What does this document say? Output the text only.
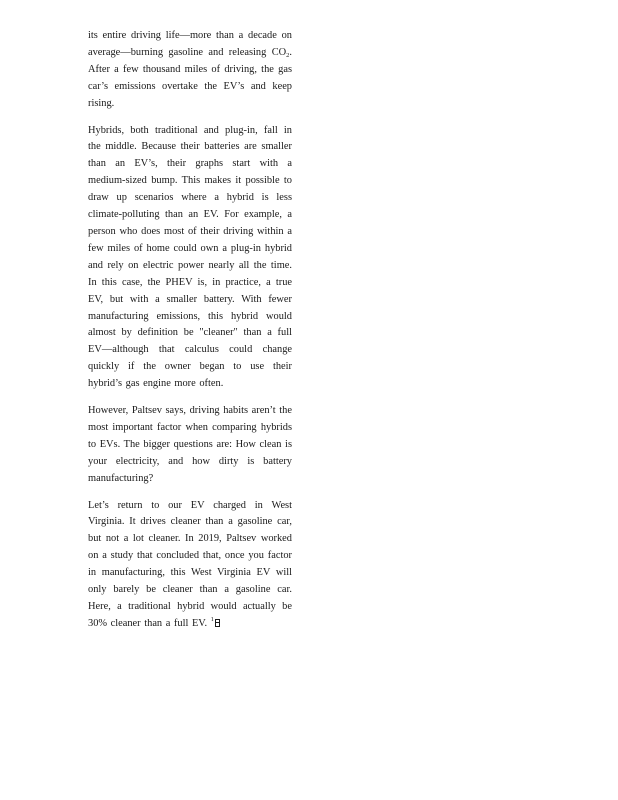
its entire driving life—more than a decade on average—burning gasoline and releasing $CO_2$. After a few thousand miles of driving, the gas car’s emissions overtake the EV’s and keep rising.

Hybrids, both traditional and plug-in, fall in the middle. Because their batteries are smaller than an EV’s, their graphs start with a medium-sized bump. This makes it possible to draw up scenarios where a hybrid is less climate-polluting than an EV. For example, a person who does most of their driving within a few miles of home could own a plug-in hybrid and rely on electric power nearly all the time. In this case, the PHEV is, in practice, a true EV, but with a smaller battery. With fewer manufacturing emissions, this hybrid would almost by definition be "cleaner" than a full EV—although that calculus could change quickly if the owner began to use their hybrid’s gas engine more often.

However, Paltsev says, driving habits aren’t the most important factor when comparing hybrids to EVs. The bigger questions are: How clean is your electricity, and how dirty is battery manufacturing?

Let’s return to our EV charged in West Virginia. It drives cleaner than a gasoline car, but not a lot cleaner. In 2019, Paltsev worked on a study that concluded that, once you factor in manufacturing, this West Virginia EV will only barely be cleaner than a gasoline car. Here, a traditional hybrid would actually be 30% cleaner than a full EV. $^1$
